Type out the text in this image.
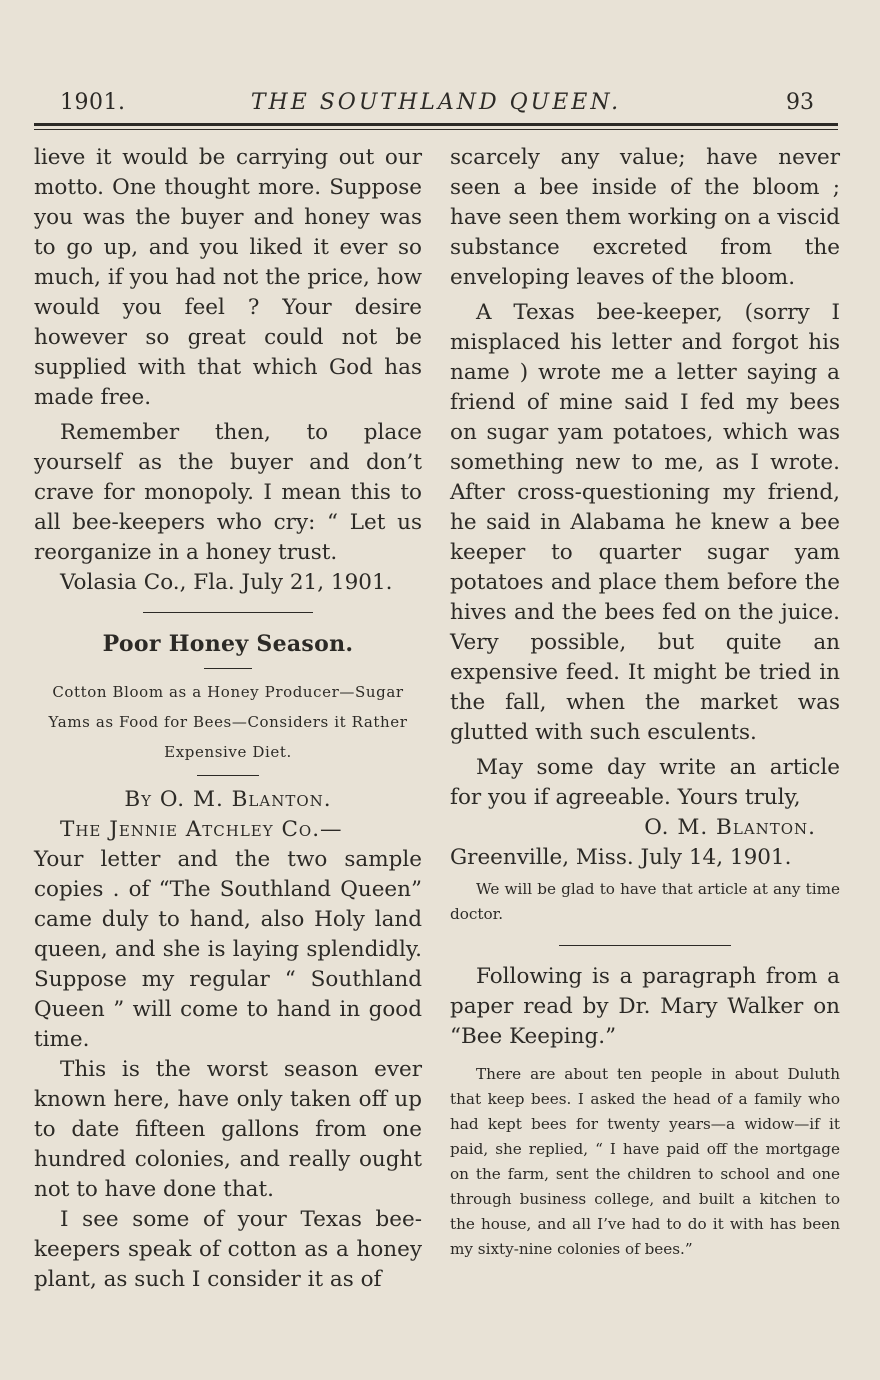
1901.	THE SOUTHLAND QUEEN.	93

lieve it would be carrying out our motto. One thought more. Suppose you was the buyer and honey was to go up, and you liked it ever so much, if you had not the price, how would you feel ? Your desire however so great could not be supplied with that which God has made free.

Remember then, to place yourself as the buyer and don’t crave for monopoly. I mean this to all bee-keepers who cry: “ Let us reorganize in a honey trust.

Volasia Co., Fla. July 21, 1901.

Poor Honey Season.
Cotton Bloom as a Honey Producer—Sugar Yams as Food for Bees—Considers it Rather Expensive Diet.

By O. M. Blanton.

The Jennie Atchley Co.—

Your letter and the two sample copies . of “The Southland Queen” came duly to hand, also Holy land queen, and she is laying splendidly. Suppose my regular “ Southland Queen ” will come to hand in good time.

This is the worst season ever known here, have only taken off up to date fifteen gallons from one hundred colonies, and really ought not to have done that.

I see some of your Texas bee-keepers speak of cotton as a honey plant, as such I consider it as of

scarcely any value; have never seen a bee inside of the bloom ; have seen them working on a viscid substance excreted from the enveloping leaves of the bloom.

A Texas bee-keeper, (sorry I misplaced his letter and forgot his name ) wrote me a letter saying a friend of mine said I fed my bees on sugar yam potatoes, which was something new to me, as I wrote. After cross-questioning my friend, he said in Alabama he knew a bee keeper to quarter sugar yam potatoes and place them before the hives and the bees fed on the juice. Very possible, but quite an expensive feed. It might be tried in the fall, when the market was glutted with such esculents.

May some day write an article for you if agreeable. Yours truly,

O. M. Blanton.

Greenville, Miss. July 14, 1901.

We will be glad to have that article at any time doctor.

Following is a paragraph from a paper read by Dr. Mary Walker on “Bee Keeping.”

There are about ten people in about Duluth that keep bees. I asked the head of a family who had kept bees for twenty years—a widow—if it paid, she replied, “ I have paid off the mortgage on the farm, sent the children to school and one through business college, and built a kitchen to the house, and all I’ve had to do it with has been my sixty-nine colonies of bees.”
